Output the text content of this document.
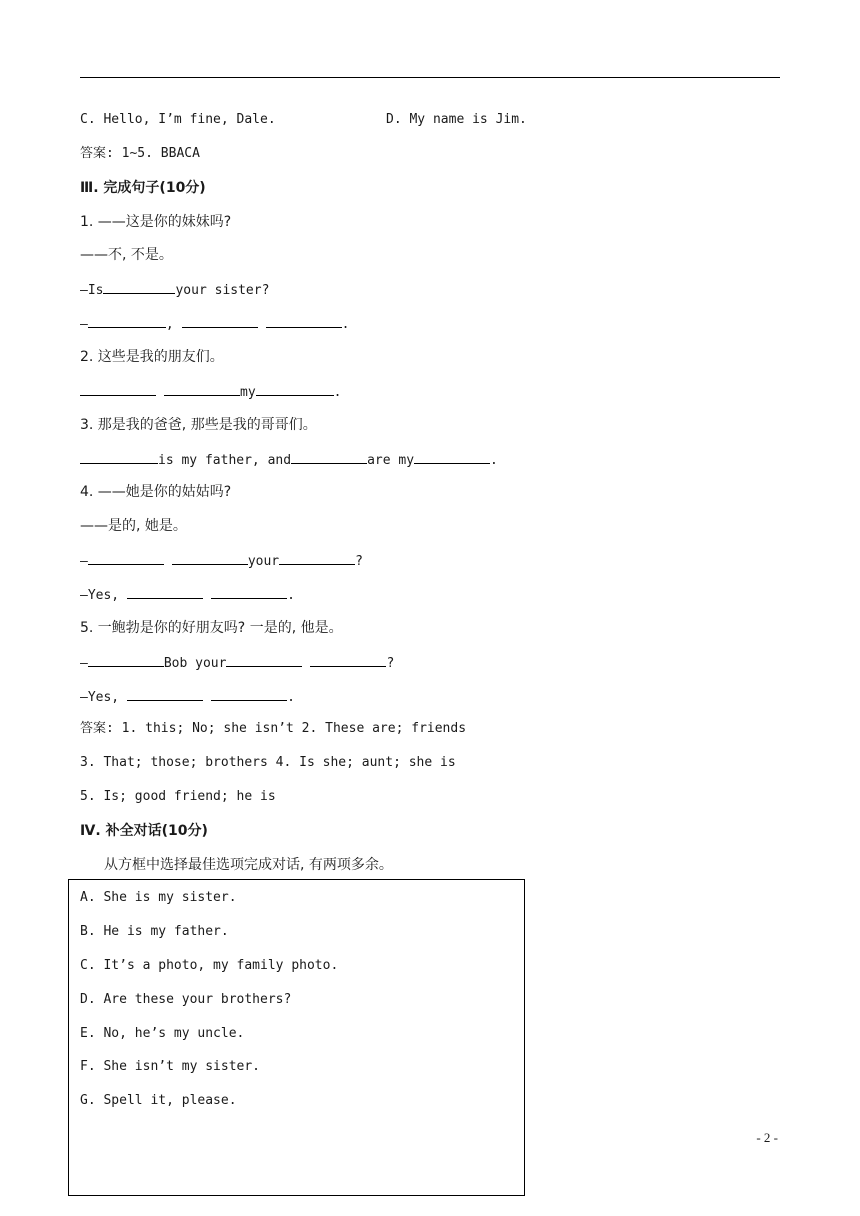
C. Hello, I’m fine, Dale.	D. My name is Jim.
答案: 1~5. BBACA
Ⅲ. 完成句子(10分)
1. ——这是你的妹妹吗?
——不, 不是。
—Is	your sister?
—	,	.
2. 这些是我的朋友们。
my	.
3. 那是我的爸爸, 那些是我的哥哥们。
is my father, and	are my	.
4. ——她是你的姑姑吗?
——是的, 她是。
—	your	?
—Yes,	.
5. 一鲍勃是你的好朋友吗? 一是的, 他是。
—	Bob your	?
—Yes,	.
答案: 1. this; No; she isn’t 2. These are; friends
3. That; those; brothers 4. Is she; aunt; she is
5. Is; good friend; he is
Ⅳ. 补全对话(10分)
从方框中选择最佳选项完成对话, 有两项多余。
A. She is my sister.
B. He is my father.
C. It’s a photo, my family photo.
D. Are these your brothers?
E. No, he’s my uncle.
F. She isn’t my sister.
G. Spell it, please.
- 2 -
